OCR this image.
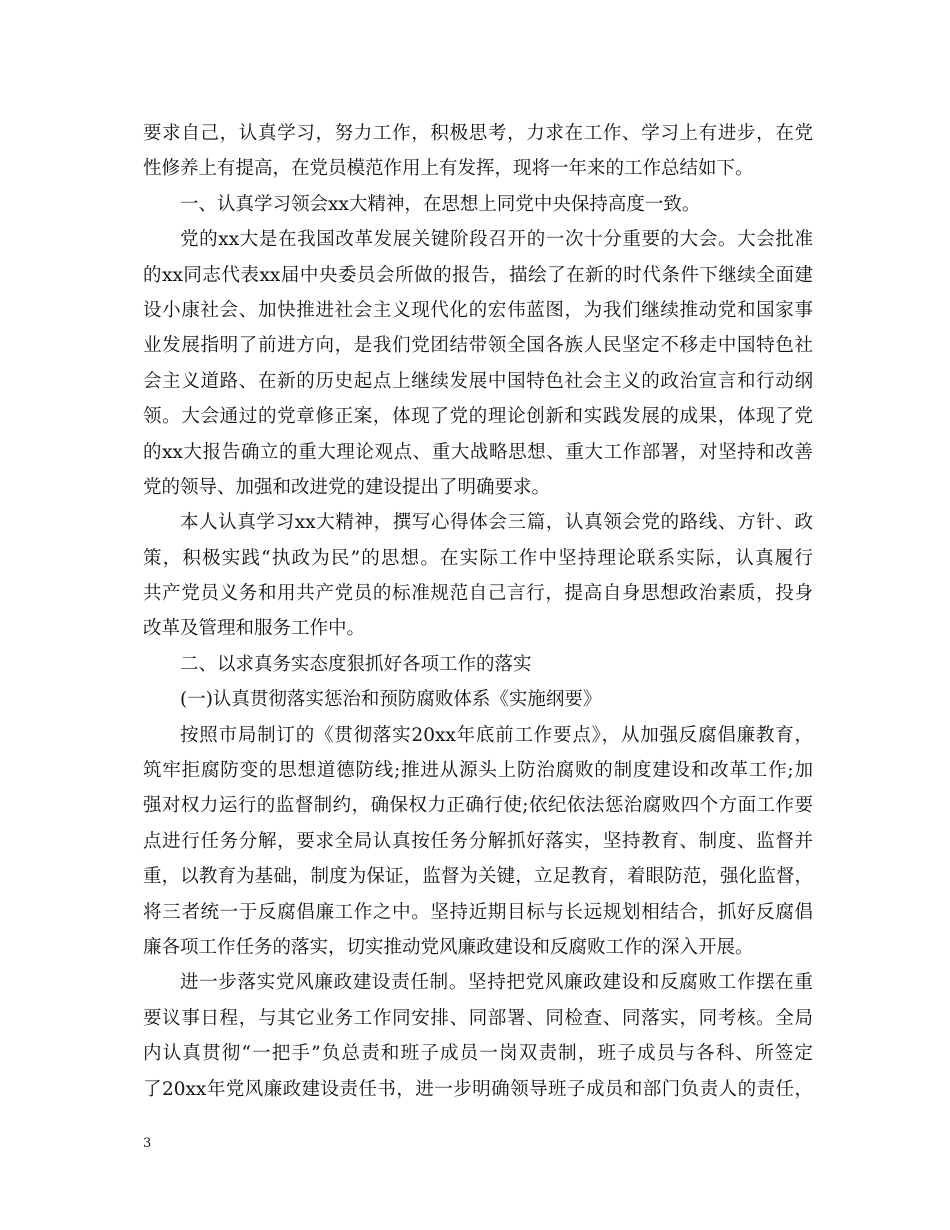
要求自己，认真学习，努力工作，积极思考，力求在工作、学习上有进步，在党
性修养上有提高，在党员模范作用上有发挥，现将一年来的工作总结如下。
一、认真学习领会xx大精神，在思想上同党中央保持高度一致。
党的xx大是在我国改革发展关键阶段召开的一次十分重要的大会。大会批准
的xx同志代表xx届中央委员会所做的报告，描绘了在新的时代条件下继续全面建
设小康社会、加快推进社会主义现代化的宏伟蓝图，为我们继续推动党和国家事
业发展指明了前进方向，是我们党团结带领全国各族人民坚定不移走中国特色社
会主义道路、在新的历史起点上继续发展中国特色社会主义的政治宣言和行动纲
领。大会通过的党章修正案，体现了党的理论创新和实践发展的成果，体现了党
的xx大报告确立的重大理论观点、重大战略思想、重大工作部署，对坚持和改善
党的领导、加强和改进党的建设提出了明确要求。
本人认真学习xx大精神，撰写心得体会三篇，认真领会党的路线、方针、政
策，积极实践“执政为民”的思想。在实际工作中坚持理论联系实际，认真履行
共产党员义务和用共产党员的标准规范自己言行，提高自身思想政治素质，投身
改革及管理和服务工作中。
二、以求真务实态度狠抓好各项工作的落实
(一)认真贯彻落实惩治和预防腐败体系《实施纲要》
按照市局制订的《贯彻落实20xx年底前工作要点》，从加强反腐倡廉教育，
筑牢拒腐防变的思想道德防线;推进从源头上防治腐败的制度建设和改革工作;加
强对权力运行的监督制约，确保权力正确行使;依纪依法惩治腐败四个方面工作要
点进行任务分解，要求全局认真按任务分解抓好落实，坚持教育、制度、监督并
重，以教育为基础，制度为保证，监督为关键，立足教育，着眼防范，强化监督，
将三者统一于反腐倡廉工作之中。坚持近期目标与长远规划相结合，抓好反腐倡
廉各项工作任务的落实，切实推动党风廉政建设和反腐败工作的深入开展。
进一步落实党风廉政建设责任制。坚持把党风廉政建设和反腐败工作摆在重
要议事日程，与其它业务工作同安排、同部署、同检查、同落实，同考核。全局
内认真贯彻“一把手”负总责和班子成员一岗双责制，班子成员与各科、所签定
了20xx年党风廉政建设责任书，进一步明确领导班子成员和部门负责人的责任，
3
